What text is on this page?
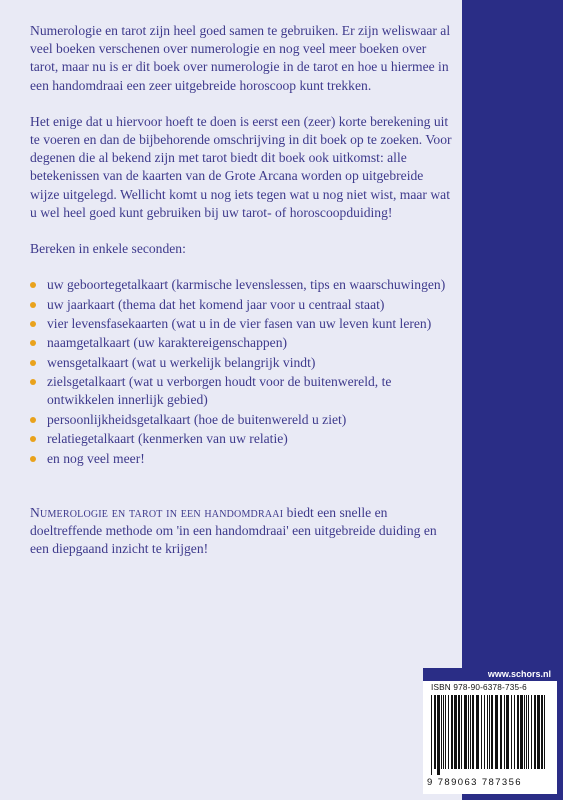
Numerologie en tarot zijn heel goed samen te gebruiken. Er zijn weliswaar al veel boeken verschenen over numerologie en nog veel meer boeken over tarot, maar nu is er dit boek over numerologie in de tarot en hoe u hiermee in een handomdraai een zeer uitgebreide horoscoop kunt trekken.

Het enige dat u hiervoor hoeft te doen is eerst een (zeer) korte berekening uit te voeren en dan de bijbehorende omschrijving in dit boek op te zoeken. Voor degenen die al bekend zijn met tarot biedt dit boek ook uitkomst: alle betekenissen van de kaarten van de Grote Arcana worden op uitgebreide wijze uitgelegd. Wellicht komt u nog iets tegen wat u nog niet wist, maar wat u wel heel goed kunt gebruiken bij uw tarot- of horoscoopduiding!

Bereken in enkele seconden:

uw geboortegetalkaart (karmische levenslessen, tips en waarschuwingen)
uw jaarkaart (thema dat het komend jaar voor u centraal staat)
vier levensfasekaarten (wat u in de vier fasen van uw leven kunt leren)
naamgetalkaart (uw karaktereigenschappen)
wensgetalkaart (wat u werkelijk belangrijk vindt)
zielsgetalkaart (wat u verborgen houdt voor de buitenwereld, te ontwikkelen innerlijk gebied)
persoonlijkheidsgetalkaart (hoe de buitenwereld u ziet)
relatiegetalkaart (kenmerken van uw relatie)
en nog veel meer!

Numerologie en tarot in een handomdraai biedt een snelle en doeltreffende methode om 'in een handomdraai' een uitgebreide duiding en een diepgaand inzicht te krijgen!

www.schors.nl
ISBN 978-90-6378-735-6
9 789063 787356
